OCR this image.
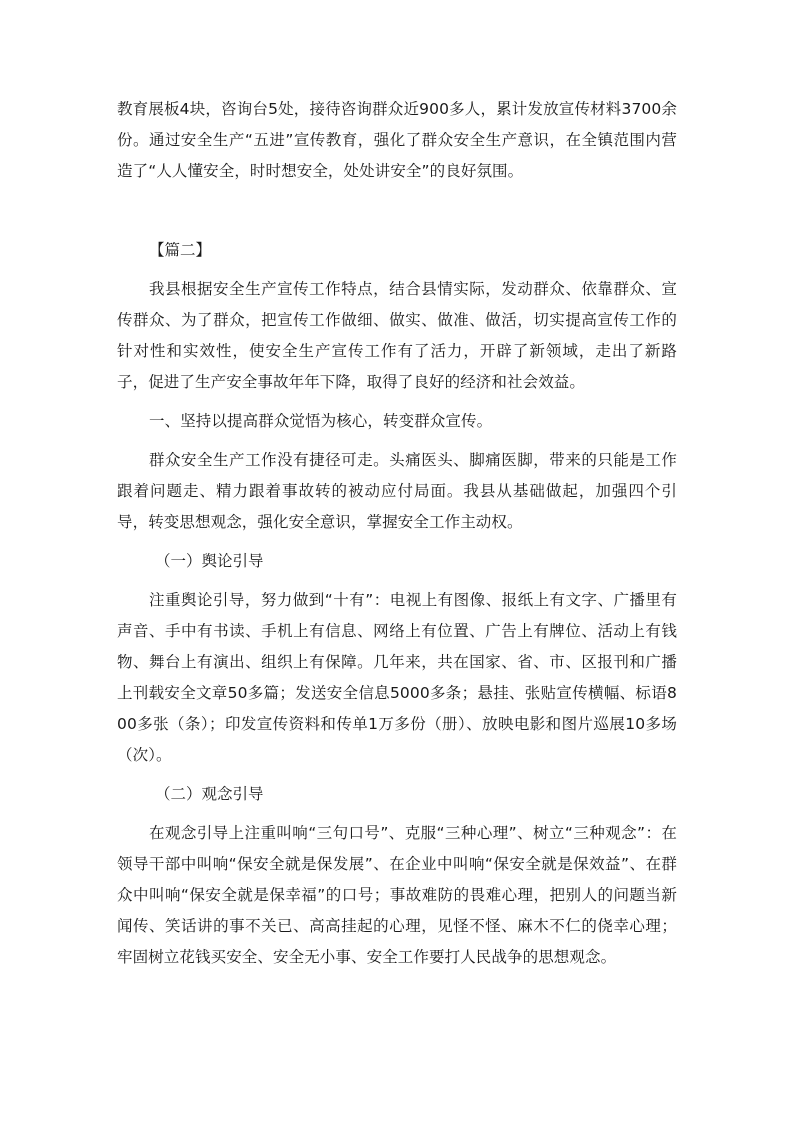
教育展板4块，咨询台5处，接待咨询群众近900多人，累计发放宣传材料3700余份。通过安全生产“五进”宣传教育，强化了群众安全生产意识，在全镇范围内营造了“人人懂安全，时时想安全，处处讲安全”的良好氛围。

【篇二】

我县根据安全生产宣传工作特点，结合县情实际，发动群众、依靠群众、宣传群众、为了群众，把宣传工作做细、做实、做准、做活，切实提高宣传工作的针对性和实效性，使安全生产宣传工作有了活力，开辟了新领域，走出了新路子，促进了生产安全事故年年下降，取得了良好的经济和社会效益。

一、坚持以提高群众觉悟为核心，转变群众宣传。

群众安全生产工作没有捷径可走。头痛医头、脚痛医脚，带来的只能是工作跟着问题走、精力跟着事故转的被动应付局面。我县从基础做起，加强四个引导，转变思想观念，强化安全意识，掌握安全工作主动权。

（一）舆论引导

注重舆论引导，努力做到“十有”：电视上有图像、报纸上有文字、广播里有声音、手中有书读、手机上有信息、网络上有位置、广告上有牌位、活动上有钱物、舞台上有演出、组织上有保障。几年来，共在国家、省、市、区报刊和广播上刊载安全文章50多篇；发送安全信息5000多条；悬挂、张贴宣传横幅、标语800多张（条）；印发宣传资料和传单1万多份（册）、放映电影和图片巡展10多场（次）。

（二）观念引导

在观念引导上注重叫响“三句口号”、克服“三种心理”、树立“三种观念”：在领导干部中叫响“保安全就是保发展”、在企业中叫响“保安全就是保效益”、在群众中叫响“保安全就是保幸福”的口号；事故难防的畏难心理，把别人的问题当新闻传、笑话讲的事不关已、高高挂起的心理，见怪不怪、麻木不仁的侥幸心理；牢固树立花钱买安全、安全无小事、安全工作要打人民战争的思想观念。
